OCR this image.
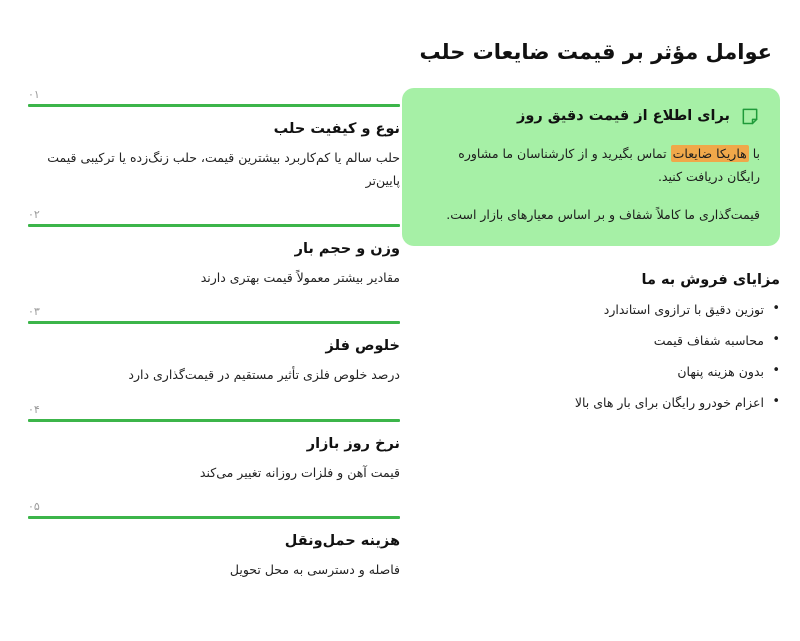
عوامل مؤثر بر قیمت ضایعات حلب
برای اطلاع از قیمت دقیق روز
با هاریکا ضایعات تماس بگیرید و از کارشناسان ما مشاوره رایگان دریافت کنید.
قیمت‌گذاری ما کاملاً شفاف و بر اساس معیارهای بازار است.
مزایای فروش به ما
• توزین دقیق با ترازوی استاندارد
• محاسبه شفاف قیمت
• بدون هزینه پنهان
• اعزام خودرو رایگان برای بار های بالا
۰۱
نوع و کیفیت حلب
حلب سالم یا کم‌کاربرد بیشترین قیمت، حلب زنگ‌زده یا ترکیبی قیمت پایین‌تر
۰۲
وزن و حجم بار
مقادیر بیشتر معمولاً قیمت بهتری دارند
۰۳
خلوص فلز
درصد خلوص فلزی تأثیر مستقیم در قیمت‌گذاری دارد
۰۴
نرخ روز بازار
قیمت آهن و فلزات روزانه تغییر می‌کند
۰۵
هزینه حمل‌ونقل
فاصله و دسترسی به محل تحویل
